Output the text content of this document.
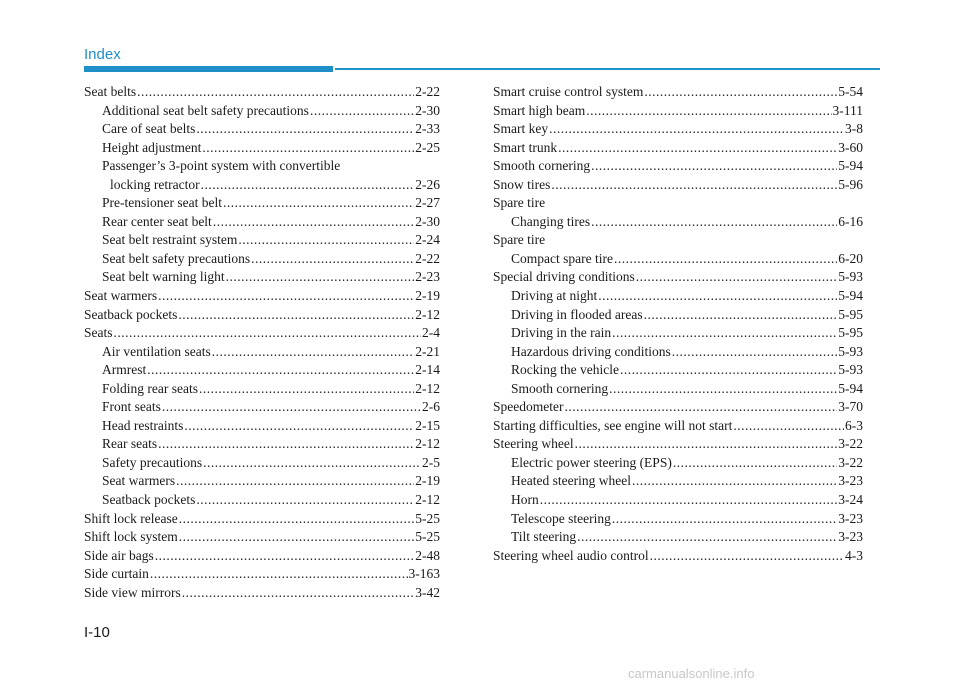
Index
Seat belts .....	2-22
Additional seat belt safety precautions .....	2-30
Care of seat belts .....	2-33
Height adjustment .....	2-25
Passenger’s 3-point system with convertible
locking retractor .....	2-26
Pre-tensioner seat belt .....	2-27
Rear center seat belt .....	2-30
Seat belt restraint system .....	2-24
Seat belt safety precautions .....	2-22
Seat belt warning light .....	2-23
Seat warmers .....	2-19
Seatback pockets .....	2-12
Seats .....	2-4
Air ventilation seats .....	2-21
Armrest .....	2-14
Folding rear seats .....	2-12
Front seats .....	2-6
Head restraints .....	2-15
Rear seats .....	2-12
Safety precautions .....	2-5
Seat warmers .....	2-19
Seatback pockets .....	2-12
Shift lock release .....	5-25
Shift lock system .....	5-25
Side air bags .....	2-48
Side curtain .....	3-163
Side view mirrors .....	3-42
Smart cruise control system .....	5-54
Smart high beam .....	3-111
Smart key .....	3-8
Smart trunk .....	3-60
Smooth cornering .....	5-94
Snow tires .....	5-96
Spare tire
Changing tires .....	6-16
Spare tire
Compact spare tire .....	6-20
Special driving conditions .....	5-93
Driving at night .....	5-94
Driving in flooded areas .....	5-95
Driving in the rain .....	5-95
Hazardous driving conditions .....	5-93
Rocking the vehicle .....	5-93
Smooth cornering .....	5-94
Speedometer .....	3-70
Starting difficulties, see engine will not start .....	6-3
Steering wheel .....	3-22
Electric power steering (EPS) .....	3-22
Heated steering wheel .....	3-23
Horn .....	3-24
Telescope steering .....	3-23
Tilt steering .....	3-23
Steering wheel audio control .....	4-3
I-10
carmanualsonline.info
